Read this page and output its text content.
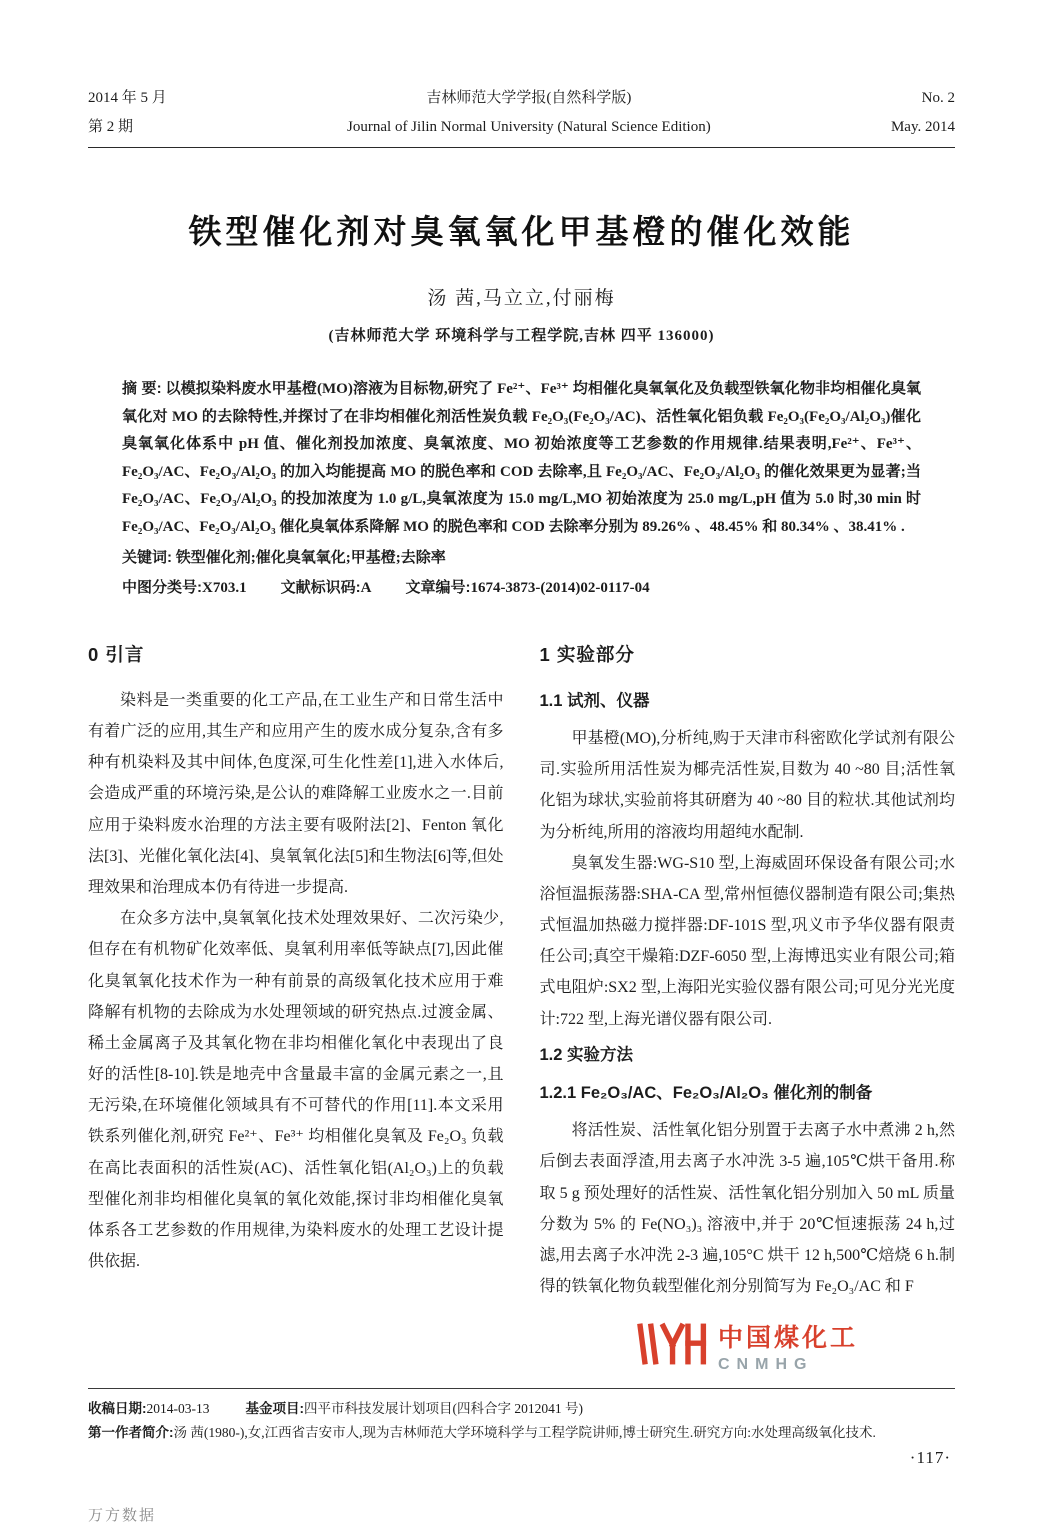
2014 年 5 月
第 2 期
吉林师范大学学报(自然科学版)
Journal of Jilin Normal University (Natural Science Edition)
No. 2
May. 2014
铁型催化剂对臭氧氧化甲基橙的催化效能
汤 茜,马立立,付丽梅
(吉林师范大学 环境科学与工程学院,吉林 四平 136000)
摘 要: 以模拟染料废水甲基橙(MO)溶液为目标物,研究了 Fe²⁺、Fe³⁺ 均相催化臭氧氧化及负载型铁氧化物非均相催化臭氧氧化对 MO 的去除特性,并探讨了在非均相催化剂活性炭负载 Fe₂O₃(Fe₂O₃/AC)、活性氧化铝负载 Fe₂O₃(Fe₂O₃/Al₂O₃)催化臭氧氧化体系中 pH 值、催化剂投加浓度、臭氧浓度、MO 初始浓度等工艺参数的作用规律.结果表明,Fe²⁺、Fe³⁺、Fe₂O₃/AC、Fe₂O₃/Al₂O₃ 的加入均能提高 MO 的脱色率和 COD 去除率,且 Fe₂O₃/AC、Fe₂O₃/Al₂O₃ 的催化效果更为显著;当 Fe₂O₃/AC、Fe₂O₃/Al₂O₃ 的投加浓度为 1.0 g/L,臭氧浓度为 15.0 mg/L,MO 初始浓度为 25.0 mg/L,pH 值为 5.0 时,30 min 时 Fe₂O₃/AC、Fe₂O₃/Al₂O₃ 催化臭氧体系降解 MO 的脱色率和 COD 去除率分别为 89.26% 、48.45% 和 80.34% 、38.41% .
关键词: 铁型催化剂;催化臭氧氧化;甲基橙;去除率
中图分类号:X703.1 文献标识码:A 文章编号:1674-3873-(2014)02-0117-04
0 引言

染料是一类重要的化工产品,在工业生产和日常生活中有着广泛的应用,其生产和应用产生的废水成分复杂,含有多种有机染料及其中间体,色度深,可生化性差[1],进入水体后,会造成严重的环境污染,是公认的难降解工业废水之一.目前应用于染料废水治理的方法主要有吸附法[2]、Fenton 氧化法[3]、光催化氧化法[4]、臭氧氧化法[5]和生物法[6]等,但处理效果和治理成本仍有待进一步提高.

在众多方法中,臭氧氧化技术处理效果好、二次污染少,但存在有机物矿化效率低、臭氧利用率低等缺点[7],因此催化臭氧氧化技术作为一种有前景的高级氧化技术应用于难降解有机物的去除成为水处理领域的研究热点.过渡金属、稀土金属离子及其氧化物在非均相催化氧化中表现出了良好的活性[8-10].铁是地壳中含量最丰富的金属元素之一,且无污染,在环境催化领域具有不可替代的作用[11].本文采用铁系列催化剂,研究 Fe²⁺、Fe³⁺ 均相催化臭氧及 Fe₂O₃ 负载在高比表面积的活性炭(AC)、活性氧化铝(Al₂O₃)上的负载型催化剂非均相催化臭氧的氧化效能,探讨非均相催化臭氧体系各工艺参数的作用规律,为染料废水的处理工艺设计提供依据.

1 实验部分
1.1 试剂、仪器

甲基橙(MO),分析纯,购于天津市科密欧化学试剂有限公司.实验所用活性炭为椰壳活性炭,目数为 40 ~80 目;活性氧化铝为球状,实验前将其研磨为 40 ~80 目的粒状.其他试剂均为分析纯,所用的溶液均用超纯水配制.

臭氧发生器:WG-S10 型,上海威固环保设备有限公司;水浴恒温振荡器:SHA-CA 型,常州恒德仪器制造有限公司;集热式恒温加热磁力搅拌器:DF-101S 型,巩义市予华仪器有限责任公司;真空干燥箱:DZF-6050 型,上海博迅实业有限公司;箱式电阻炉:SX2 型,上海阳光实验仪器有限公司;可见分光光度计:722 型,上海光谱仪器有限公司.

1.2 实验方法
1.2.1 Fe₂O₃/AC、Fe₂O₃/Al₂O₃ 催化剂的制备

将活性炭、活性氧化铝分别置于去离子水中煮沸 2 h,然后倒去表面浮渣,用去离子水冲洗 3-5 遍,105℃烘干备用.称取 5 g 预处理好的活性炭、活性氧化铝分别加入 50 mL 质量分数为 5% 的 Fe(NO₃)₃ 溶液中,并于 20℃恒速振荡 24 h,过滤,用去离子水冲洗 2-3 遍,105°C 烘干 12 h,500℃焙烧 6 h.制得的铁氧化物负载型催化剂分别简写为 Fe₂O₃/AC 和 F

中国煤化工
CNMHG
收稿日期:2014-03-13	基金项目:四平市科技发展计划项目(四科合字 2012041 号)
第一作者简介:汤 茜(1980-),女,江西省吉安市人,现为吉林师范大学环境科学与工程学院讲师,博士研究生.研究方向:水处理高级氧化技术.
·117·
万方数据
